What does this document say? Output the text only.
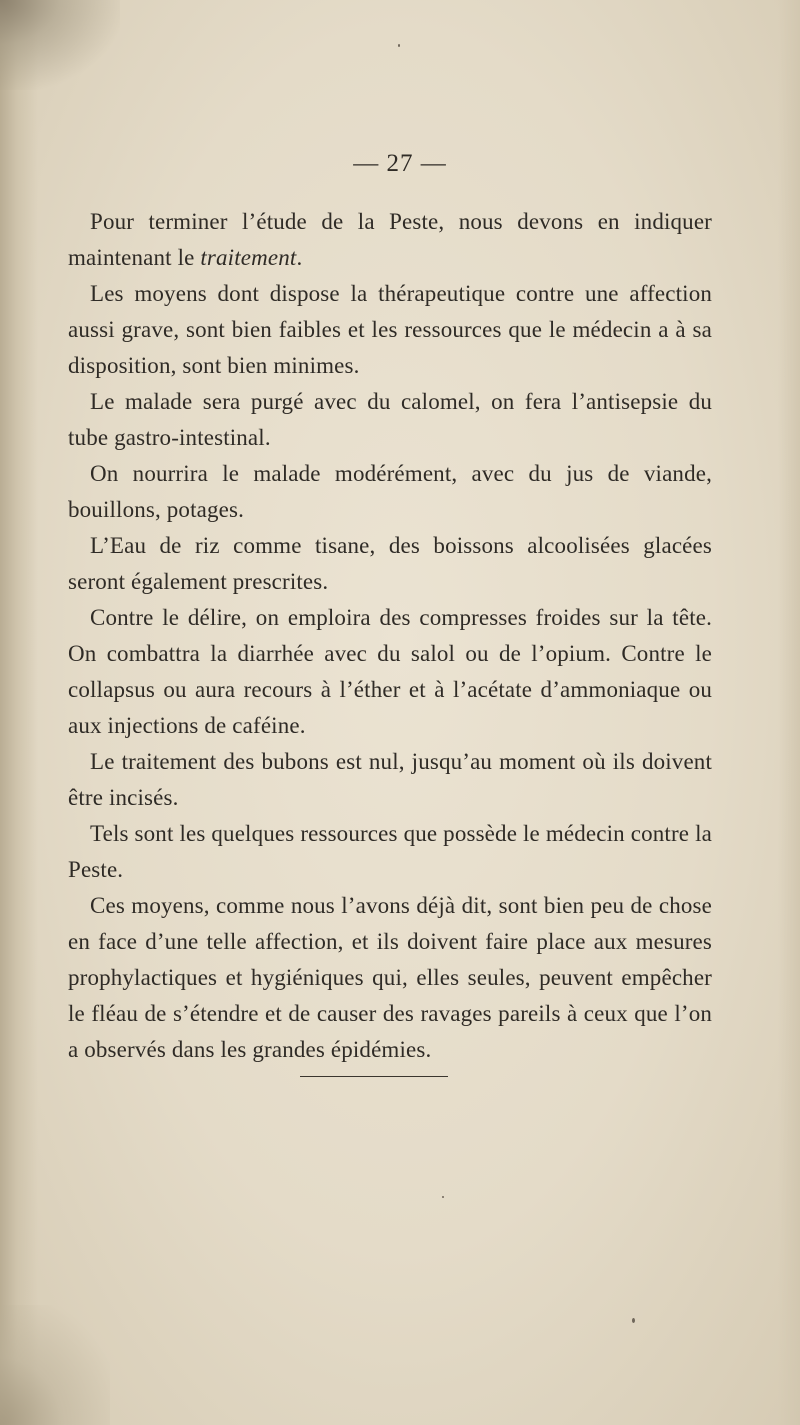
— 27 —

Pour terminer l’étude de la Peste, nous devons en indiquer maintenant le traitement.

Les moyens dont dispose la thérapeutique contre une affection aussi grave, sont bien faibles et les ressources que le médecin a à sa disposition, sont bien minimes.

Le malade sera purgé avec du calomel, on fera l’antisepsie du tube gastro-intestinal.

On nourrira le malade modérément, avec du jus de viande, bouillons, potages.

L’Eau de riz comme tisane, des boissons alcoolisées glacées seront également prescrites.

Contre le délire, on emploira des compresses froides sur la tête. On combattra la diarrhée avec du salol ou de l’opium. Contre le collapsus ou aura recours à l’éther et à l’acétate d’ammoniaque ou aux injections de caféine.

Le traitement des bubons est nul, jusqu’au moment où ils doivent être incisés.

Tels sont les quelques ressources que possède le médecin contre la Peste.

Ces moyens, comme nous l’avons déjà dit, sont bien peu de chose en face d’une telle affection, et ils doivent faire place aux mesures prophylactiques et hygiéniques qui, elles seules, peuvent empêcher le fléau de s’étendre et de causer des ravages pareils à ceux que l’on a observés dans les grandes épidémies.
